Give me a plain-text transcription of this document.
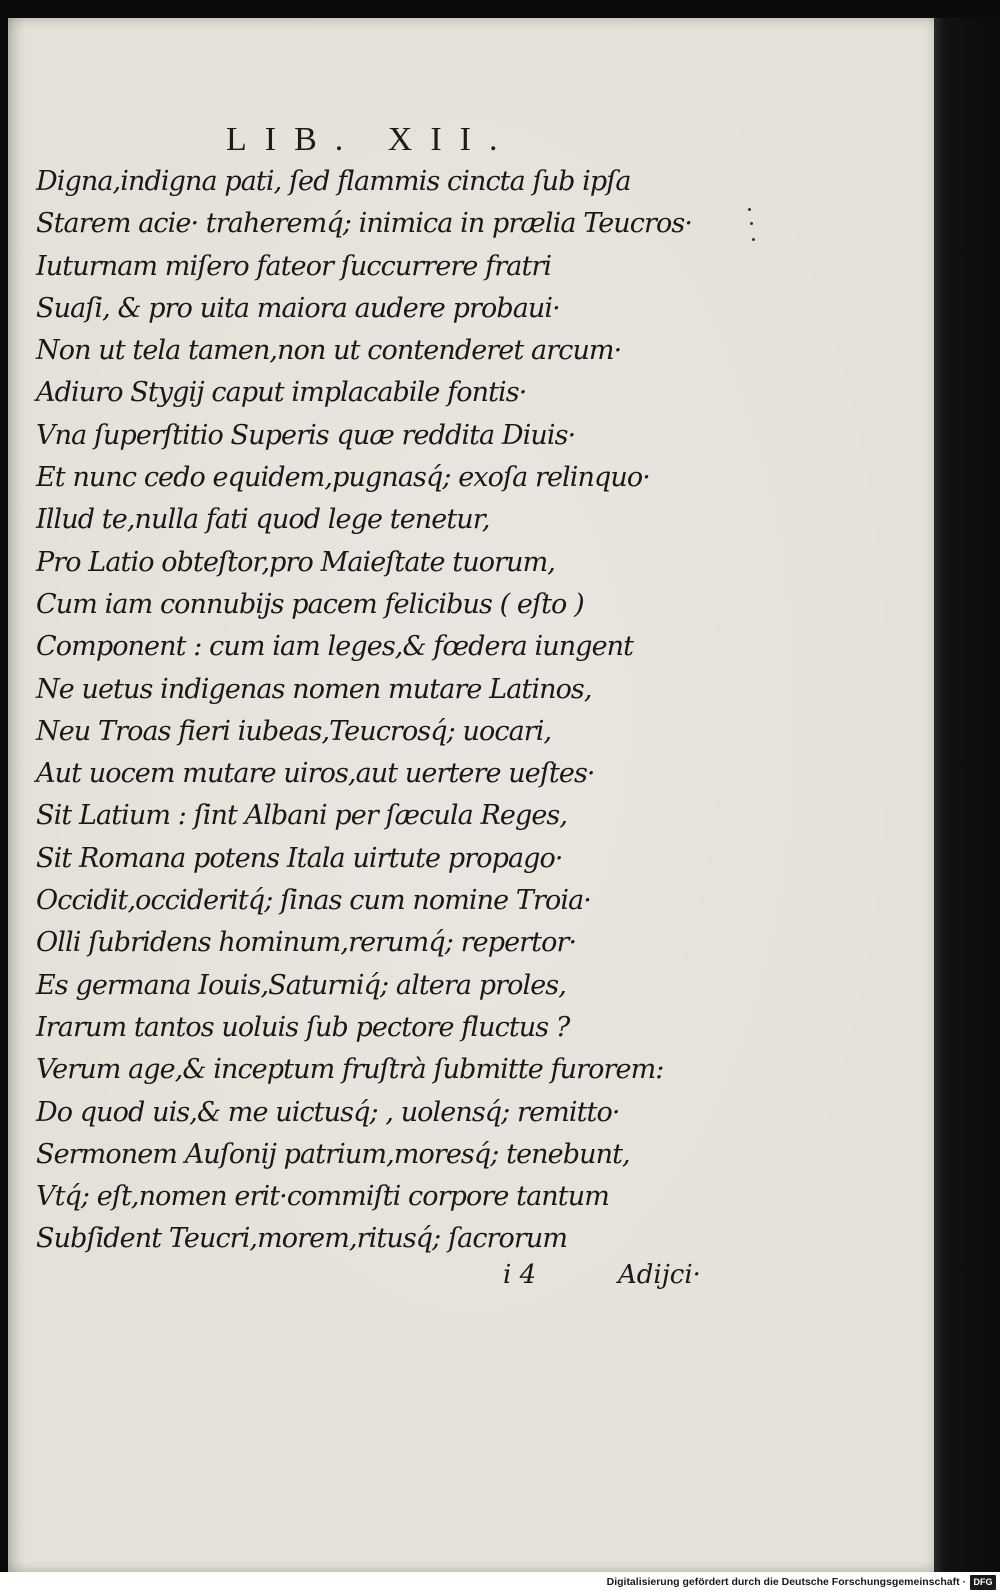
LIB. XII.
Digna,indigna pati, ſed flammis cincta ſub ipſa
Starem acie· traheremq́; inimica in prælia Teucros·
Iuturnam miſero fateor ſuccurrere fratri
Suaſi, & pro uita maiora audere probaui·
Non ut tela tamen,non ut contenderet arcum·
Adiuro Stygij caput implacabile fontis·
Vna ſuperſtitio Superis quæ reddita Diuis·
Et nunc cedo equidem,pugnasq́; exoſa relinquo·
Illud te,nulla fati quod lege tenetur,
Pro Latio obteſtor,pro Maieſtate tuorum,
Cum iam connubijs pacem felicibus ( eſto )
Component : cum iam leges,& fœdera iungent
Ne uetus indigenas nomen mutare Latinos,
Neu Troas fieri iubeas,Teucrosq́; uocari,
Aut uocem mutare uiros,aut uertere ueſtes·
Sit Latium : ſint Albani per ſæcula Reges,
Sit Romana potens Itala uirtute propago·
Occidit,occideritq́; ſinas cum nomine Troia·
Olli ſubridens hominum,rerumq́; repertor·
Es germana Iouis,Saturniq́; altera proles,
Irarum tantos uoluis ſub pectore fluctus ?
Verum age,& inceptum fruſtrà ſubmitte furorem:
Do quod uis,& me uictusq́; , uolensq́; remitto·
Sermonem Auſonij patrium,moresq́; tenebunt,
Vtq́; eſt,nomen erit·commiſti corpore tantum
Subſident Teucri,morem,ritusq́; ſacrorum
i 4	Adijci·
Digitalisierung gefördert durch die Deutsche Forschungsgemeinschaft · DFG
